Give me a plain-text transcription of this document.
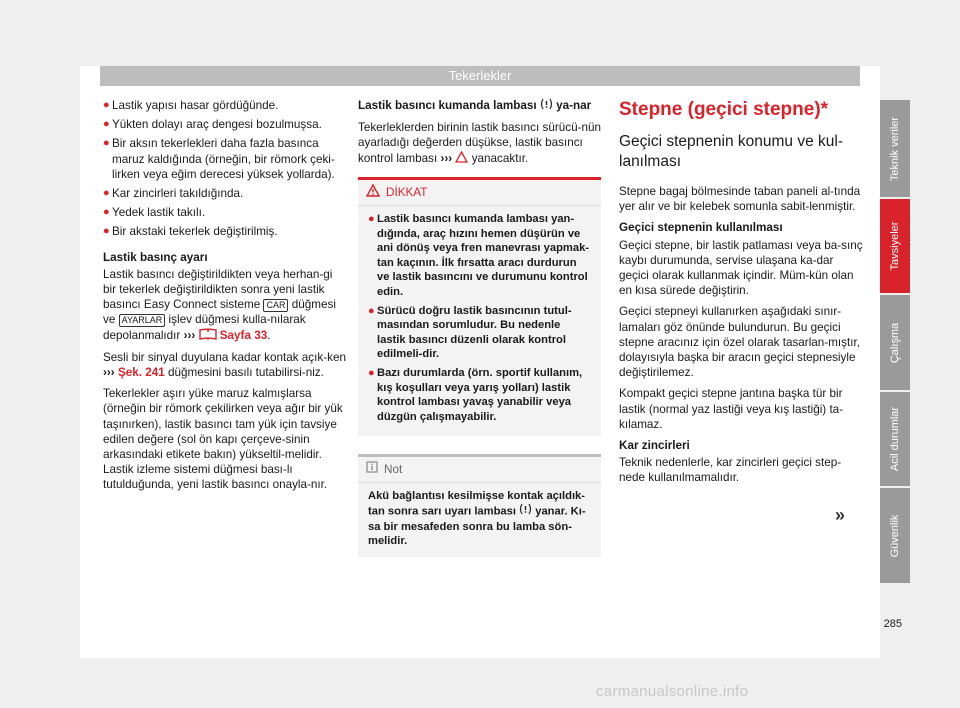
Tekerlekler
● Lastik yapısı hasar gördüğünde.
● Yükten dolayı araç dengesi bozulmuşsa.
● Bir aksın tekerlekleri daha fazla basınca maruz kaldığında (örneğin, bir römork çeki-lirken veya eğim derecesi yüksek yollarda).
● Kar zincirleri takıldığında.
● Yedek lastik takılı.
● Bir akstaki tekerlek değiştirilmiş.

Lastik basınç ayarı

Lastik basıncı değiştirildikten veya herhan-gi bir tekerlek değiştirildikten sonra yeni lastik basıncı Easy Connect sisteme CAR düğmesi ve AYARLAR işlev düğmesi kulla-nılarak depolanmalıdır ››› Sayfa 33.

Sesli bir sinyal duyulana kadar kontak açık-ken ››› Şek. 241 düğmesini basılı tutabilirsi-niz.

Tekerlekler aşırı yüke maruz kalmışlarsa (örneğin bir römork çekilirken veya ağır bir yük taşınırken), lastik basıncı tam yük için tavsiye edilen değere (sol ön kapı çerçeve-sinin arkasındaki etikete bakın) yükseltil-melidir. Lastik izleme sistemi düğmesi bası-lı tutulduğunda, yeni lastik basıncı onayla-nır.

Lastik basıncı kumanda lambası ya-nar

Tekerleklerden birinin lastik basıncı sürücü-nün ayarladığı değerden düşükse, lastik basıncı kontrol lambası ››› yanacaktır.

DİKKAT
● Lastik basıncı kumanda lambası yan-dığında, araç hızını hemen düşürün ve ani dönüş veya fren manevrası yapmak-tan kaçının. İlk fırsatta aracı durdurun ve lastik basıncını ve durumunu kontrol edin.
● Sürücü doğru lastik basıncının tutul-masından sorumludur. Bu nedenle lastik basıncı düzenli olarak kontrol edilmeli-dir.
● Bazı durumlarda (örn. sportif kullanım, kış koşulları veya yarış yolları) lastik kontrol lambası yavaş yanabilir veya düzgün çalışmayabilir.
Not
Akü bağlantısı kesilmişse kontak açıldık-tan sonra sarı uyarı lambası yanar. Kı-sa bir mesafeden sonra bu lamba sön-melidir.
Stepne (geçici stepne)*
Geçici stepnenin konumu ve kul-lanılması

Stepne bagaj bölmesinde taban paneli al-tında yer alır ve bir kelebek somunla sabit-lenmiştir.

Geçici stepnenin kullanılması

Geçici stepne, bir lastik patlaması veya ba-sınç kaybı durumunda, servise ulaşana ka-dar geçici olarak kullanmak içindir. Müm-kün olan en kısa sürede değiştirin.

Geçici stepneyi kullanırken aşağıdaki sınır-lamaları göz önünde bulundurun. Bu geçici stepne aracınız için özel olarak tasarlan-mıştır, dolayısıyla başka bir aracın geçici stepnesiyle değiştirilemez.

Kompakt geçici stepne jantına başka tür bir lastik (normal yaz lastiği veya kış lastiği) ta-kılamaz.

Kar zincirleri

Teknik nedenlerle, kar zincirleri geçici step-nede kullanılmamalıdır.

»
Teknik veriler
Tavsiyeler
Çalışma
Acil durumlar
Güvenlik
285
carmanualsonline.info
